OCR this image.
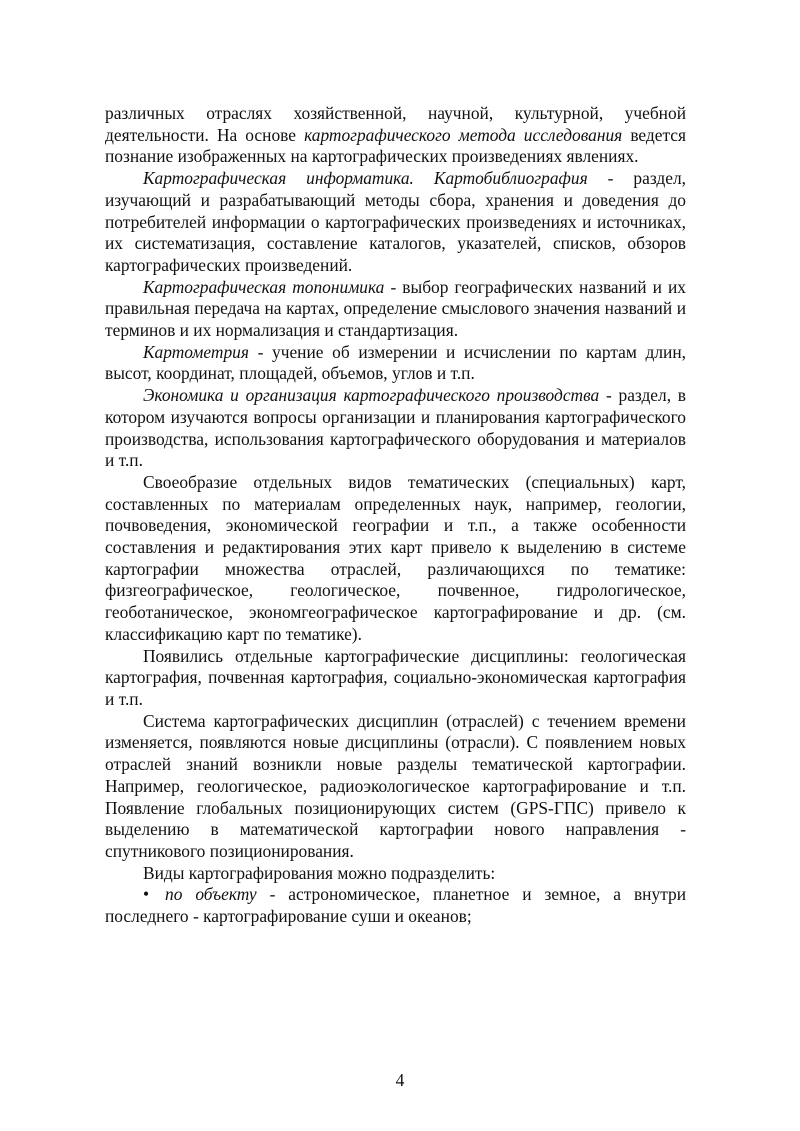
различных отраслях хозяйственной, научной, культурной, учебной деятельности. На основе картографического метода исследования ведется познание изображенных на картографических произведениях явлениях.

Картографическая информатика. Картобиблиография - раздел, изучающий и разрабатывающий методы сбора, хранения и доведения до потребителей информации о картографических произведениях и источниках, их систематизация, составление каталогов, указателей, списков, обзоров картографических произведений.

Картографическая топонимика - выбор географических названий и их правильная передача на картах, определение смыслового значения названий и терминов и их нормализация и стандартизация.

Картометрия - учение об измерении и исчислении по картам длин, высот, координат, площадей, объемов, углов и т.п.

Экономика и организация картографического производства - раздел, в котором изучаются вопросы организации и планирования картографического производства, использования картографического оборудования и материалов и т.п.

Своеобразие отдельных видов тематических (специальных) карт, составленных по материалам определенных наук, например, геологии, почвоведения, экономической географии и т.п., а также особенности составления и редактирования этих карт привело к выделению в системе картографии множества отраслей, различающихся по тематике: физгеографическое, геологическое, почвенное, гидрологическое, геоботаническое, экономгеографическое картографирование и др. (см. классификацию карт по тематике).

Появились отдельные картографические дисциплины: геологическая картография, почвенная картография, социально-экономическая картография и т.п.

Система картографических дисциплин (отраслей) с течением времени изменяется, появляются новые дисциплины (отрасли). С появлением новых отраслей знаний возникли новые разделы тематической картографии. Например, геологическое, радиоэкологическое картографирование и т.п. Появление глобальных позиционирующих систем (GPS-ГПС) привело к выделению в математической картографии нового направления - спутникового позиционирования.

Виды картографирования можно подразделить:

• по объекту - астрономическое, планетное и земное, а внутри последнего - картографирование суши и океанов;

4
